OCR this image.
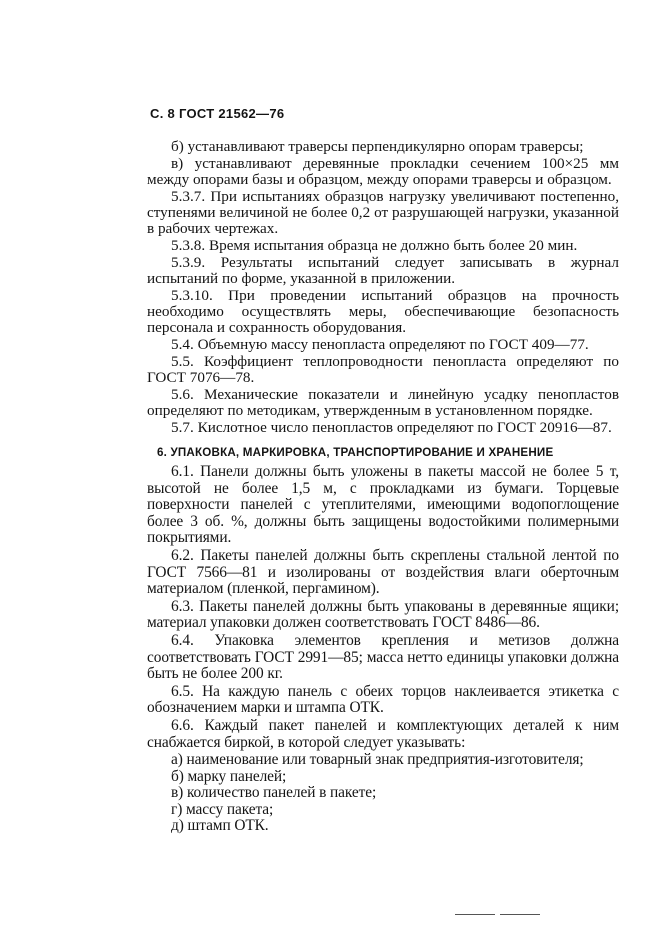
С. 8 ГОСТ 21562—76

б) устанавливают траверсы перпендикулярно опорам траверсы;

в) устанавливают деревянные прокладки сечением 100×25 мм между опорами базы и образцом, между опорами траверсы и образцом.

5.3.7. При испытаниях образцов нагрузку увеличивают постепенно, ступенями величиной не более 0,2 от разрушающей нагрузки, указанной в рабочих чертежах.

5.3.8. Время испытания образца не должно быть более 20 мин.

5.3.9. Результаты испытаний следует записывать в журнал испытаний по форме, указанной в приложении.

5.3.10. При проведении испытаний образцов на прочность необходимо осуществлять меры, обеспечивающие безопасность персонала и сохранность оборудования.

5.4. Объемную массу пенопласта определяют по ГОСТ 409—77.

5.5. Коэффициент теплопроводности пенопласта определяют по ГОСТ 7076—78.

5.6. Механические показатели и линейную усадку пенопластов определяют по методикам, утвержденным в установленном порядке.

5.7. Кислотное число пенопластов определяют по ГОСТ 20916—87.

6. УПАКОВКА, МАРКИРОВКА, ТРАНСПОРТИРОВАНИЕ И ХРАНЕНИЕ

6.1. Панели должны быть уложены в пакеты массой не более 5 т, высотой не более 1,5 м, с прокладками из бумаги. Торцевые поверхности панелей с утеплителями, имеющими водопоглощение более 3 об. %, должны быть защищены водостойкими полимерными покрытиями.

6.2. Пакеты панелей должны быть скреплены стальной лентой по ГОСТ 7566—81 и изолированы от воздействия влаги оберточным материалом (пленкой, пергамином).

6.3. Пакеты панелей должны быть упакованы в деревянные ящики; материал упаковки должен соответствовать ГОСТ 8486—86.

6.4. Упаковка элементов крепления и метизов должна соответствовать ГОСТ 2991—85; масса нетто единицы упаковки должна быть не более 200 кг.

6.5. На каждую панель с обеих торцов наклеивается этикетка с обозначением марки и штампа ОТК.

6.6. Каждый пакет панелей и комплектующих деталей к ним снабжается биркой, в которой следует указывать:

а) наименование или товарный знак предприятия-изготовителя;

б) марку панелей;

в) количество панелей в пакете;

г) массу пакета;

д) штамп ОТК.
